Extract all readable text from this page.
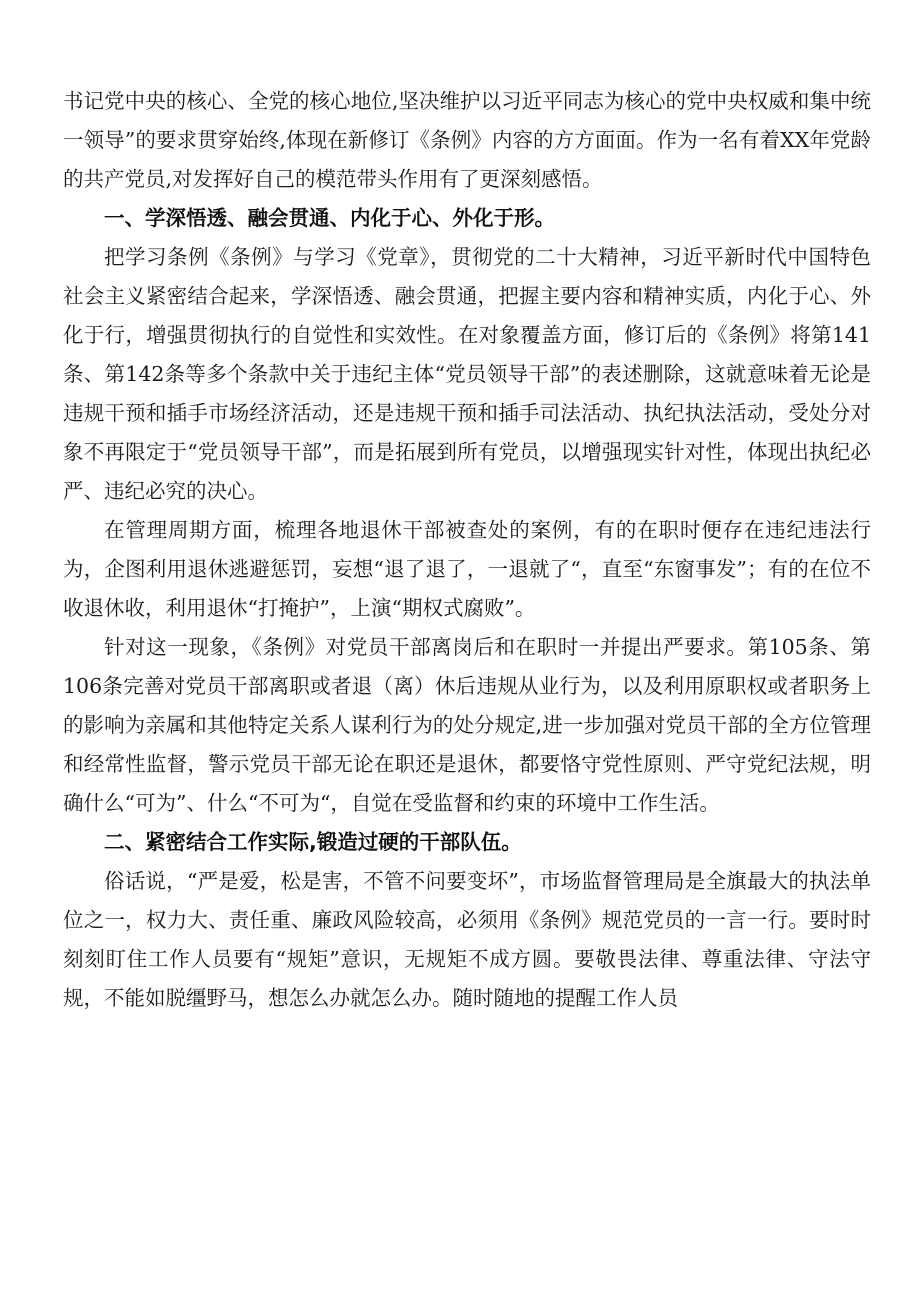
书记党中央的核心、全党的核心地位,坚决维护以习近平同志为核心的党中央权威和集中统一领导”的要求贯穿始终,体现在新修订《条例》内容的方方面面。作为一名有着XX年党龄的共产党员,对发挥好自己的模范带头作用有了更深刻感悟。

一、学深悟透、融会贯通、内化于心、外化于形。

把学习条例《条例》与学习《党章》，贯彻党的二十大精神，习近平新时代中国特色社会主义紧密结合起来，学深悟透、融会贯通，把握主要内容和精神实质，内化于心、外化于行，增强贯彻执行的自觉性和实效性。在对象覆盖方面，修订后的《条例》将第141条、第142条等多个条款中关于违纪主体“党员领导干部”的表述删除，这就意味着无论是违规干预和插手市场经济活动，还是违规干预和插手司法活动、执纪执法活动，受处分对象不再限定于“党员领导干部”，而是拓展到所有党员，以增强现实针对性，体现出执纪必严、违纪必究的决心。

在管理周期方面，梳理各地退休干部被查处的案例，有的在职时便存在违纪违法行为，企图利用退休逃避惩罚，妄想“退了退了，一退就了“，直至“东窗事发”；有的在位不收退休收，利用退休“打掩护”，上演“期权式腐败”。

针对这一现象，《条例》对党员干部离岗后和在职时一并提出严要求。第105条、第106条完善对党员干部离职或者退（离）休后违规从业行为，以及利用原职权或者职务上的影响为亲属和其他特定关系人谋利行为的处分规定,进一步加强对党员干部的全方位管理和经常性监督，警示党员干部无论在职还是退休，都要恪守党性原则、严守党纪法规，明确什么“可为”、什么“不可为“，自觉在受监督和约束的环境中工作生活。

二、紧密结合工作实际,锻造过硬的干部队伍。

俗话说，“严是爱，松是害，不管不问要变坏”，市场监督管理局是全旗最大的执法单位之一，权力大、责任重、廉政风险较高，必须用《条例》规范党员的一言一行。要时时刻刻盯住工作人员要有“规矩”意识，无规矩不成方圆。要敬畏法律、尊重法律、守法守规，不能如脱缰野马，想怎么办就怎么办。随时随地的提醒工作人员
